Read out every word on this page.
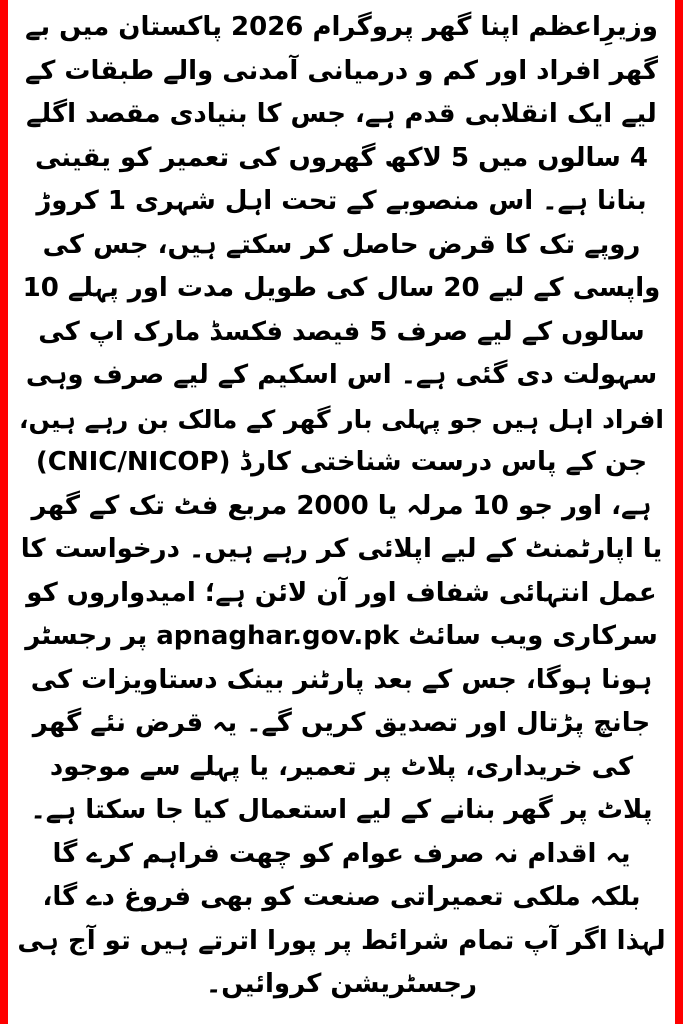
وزیرِاعظم اپنا گھر پروگرام 2026 پاکستان میں بے
گھر افراد اور کم و درمیانی آمدنی والے طبقات کے
لیے ایک انقلابی قدم ہے، جس کا بنیادی مقصد اگلے
4 سالوں میں 5 لاکھ گھروں کی تعمیر کو یقینی
بنانا ہے۔ اس منصوبے کے تحت اہل شہری 1 کروڑ
روپے تک کا قرض حاصل کر سکتے ہیں، جس کی
واپسی کے لیے 20 سال کی طویل مدت اور پہلے 10
سالوں کے لیے صرف 5 فیصد فکسڈ مارک اپ کی
سہولت دی گئی ہے۔ اس اسکیم کے لیے صرف وہی
افراد اہل ہیں جو پہلی بار گھر کے مالک بن رہے ہیں،
جن کے پاس درست شناختی کارڈ (CNIC/NICOP)
ہے، اور جو 10 مرلہ یا 2000 مربع فٹ تک کے گھر
یا اپارٹمنٹ کے لیے اپلائی کر رہے ہیں۔ درخواست کا
عمل انتہائی شفاف اور آن لائن ہے؛ امیدواروں کو
سرکاری ویب سائٹ apnaghar.gov.pk پر رجسٹر
ہونا ہوگا، جس کے بعد پارٹنر بینک دستاویزات کی
جانچ پڑتال اور تصدیق کریں گے۔ یہ قرض نئے گھر
کی خریداری، پلاٹ پر تعمیر، یا پہلے سے موجود
پلاٹ پر گھر بنانے کے لیے استعمال کیا جا سکتا ہے۔
یہ اقدام نہ صرف عوام کو چھت فراہم کرے گا
بلکہ ملکی تعمیراتی صنعت کو بھی فروغ دے گا،
لہذا اگر آپ تمام شرائط پر پورا اترتے ہیں تو آج ہی
رجسٹریشن کروائیں۔
